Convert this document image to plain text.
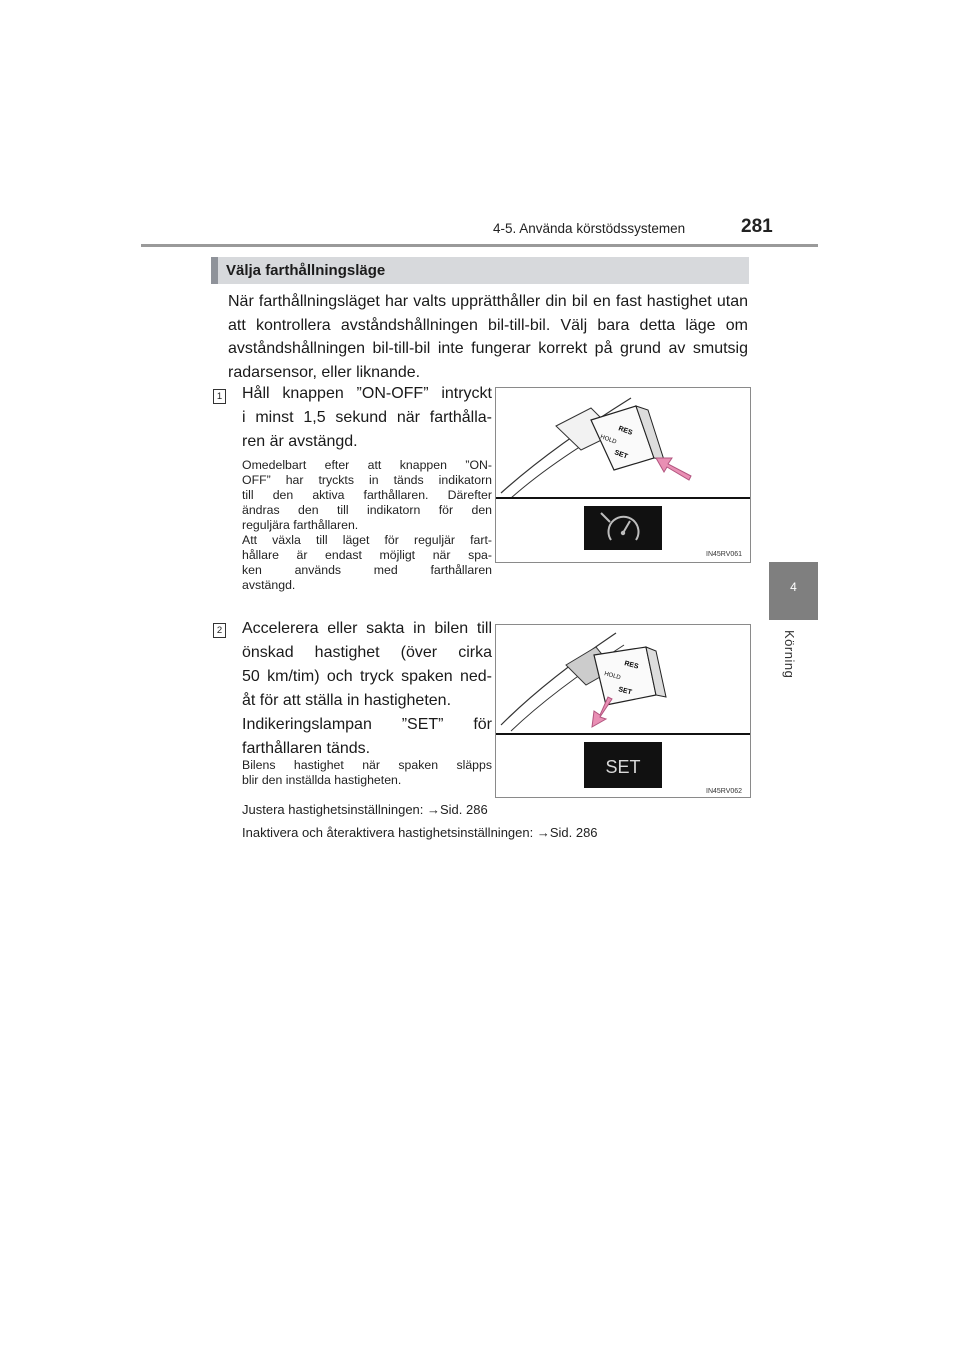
4-5. Använda körstödssystemen	281
4
Körning
Välja farthållningsläge
När farthållningsläget har valts upprätthåller din bil en fast hastighet utan att kontrollera avståndshållningen bil-till-bil. Välj bara detta läge om avståndshållningen bil-till-bil inte fungerar korrekt på grund av smutsig radarsensor, eller liknande.
1 Håll knappen ”ON-OFF” intryckt
i minst 1,5 sekund när farthålla-
ren är avstängd.
Omedelbart efter att knappen ”ON-
OFF” har tryckts in tänds indikatorn
till den aktiva farthållaren. Därefter
ändras den till indikatorn för den
reguljära farthållaren.
Att växla till läget för reguljär fart-
hållare är endast möjligt när spa-
ken används med farthållaren
avstängd.
RES
HOLD
SET
IN45RV061
2 Accelerera eller sakta in bilen till
önskad hastighet (över cirka
50 km/tim) och tryck spaken ned-
åt för att ställa in hastigheten.
Indikeringslampan ”SET” för
farthållaren tänds.
Bilens hastighet när spaken släpps
blir den inställda hastigheten.
RES
HOLD
SET
SET
IN45RV062
Justera hastighetsinställningen: →Sid. 286
Inaktivera och återaktivera hastighetsinställningen: →Sid. 286
